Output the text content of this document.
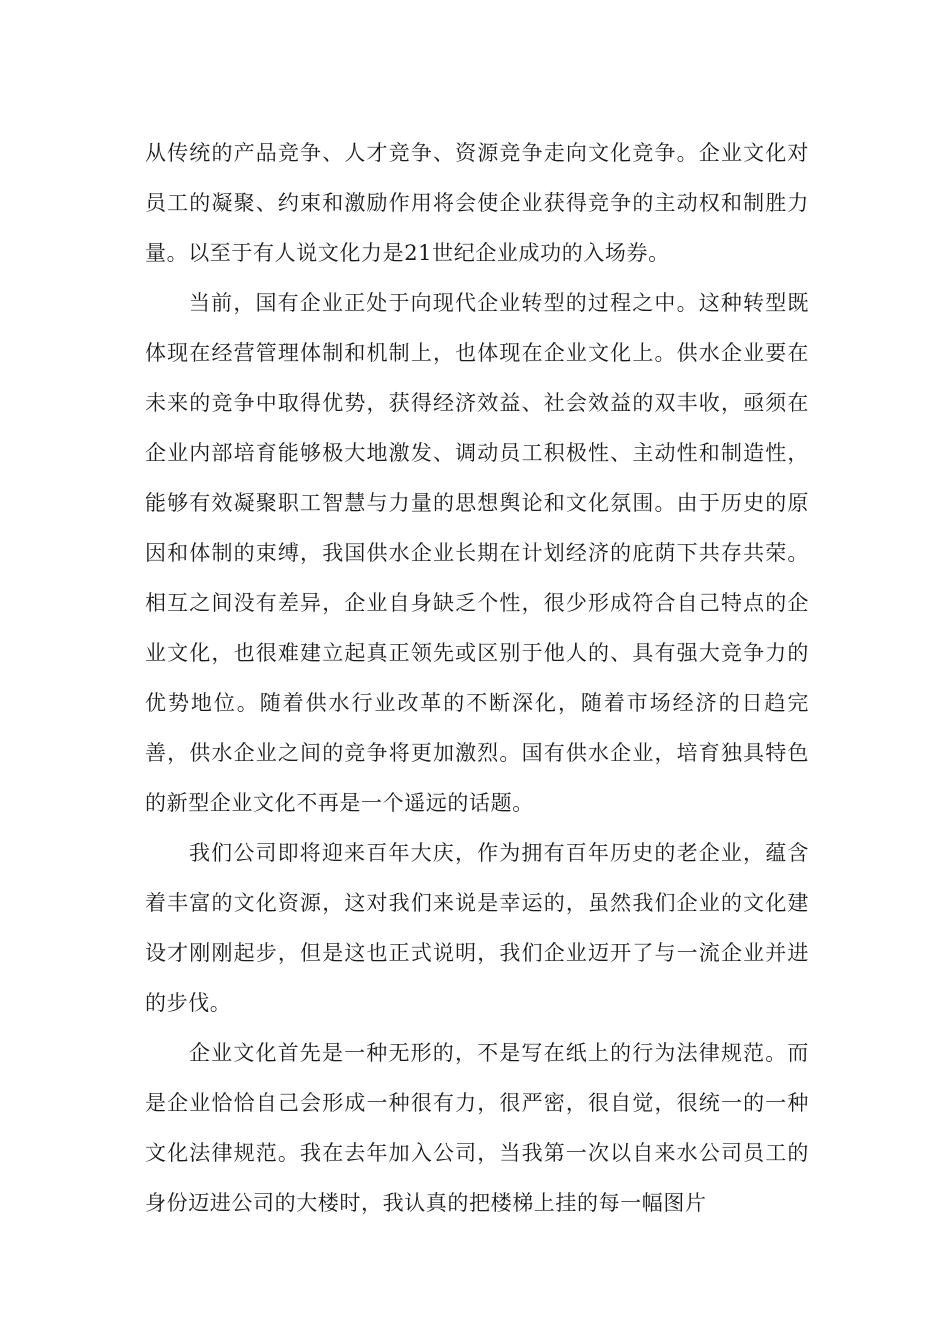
从传统的产品竞争、人才竞争、资源竞争走向文化竞争。企业文化对员工的凝聚、约束和激励作用将会使企业获得竞争的主动权和制胜力量。以至于有人说文化力是21世纪企业成功的入场券。

当前，国有企业正处于向现代企业转型的过程之中。这种转型既体现在经营管理体制和机制上，也体现在企业文化上。供水企业要在未来的竞争中取得优势，获得经济效益、社会效益的双丰收，亟须在企业内部培育能够极大地激发、调动员工积极性、主动性和制造性，能够有效凝聚职工智慧与力量的思想舆论和文化氛围。由于历史的原因和体制的束缚，我国供水企业长期在计划经济的庇荫下共存共荣。相互之间没有差异，企业自身缺乏个性，很少形成符合自己特点的企业文化，也很难建立起真正领先或区别于他人的、具有强大竞争力的优势地位。随着供水行业改革的不断深化，随着市场经济的日趋完善，供水企业之间的竞争将更加激烈。国有供水企业，培育独具特色的新型企业文化不再是一个遥远的话题。

我们公司即将迎来百年大庆，作为拥有百年历史的老企业，蕴含着丰富的文化资源，这对我们来说是幸运的，虽然我们企业的文化建设才刚刚起步，但是这也正式说明，我们企业迈开了与一流企业并进的步伐。

企业文化首先是一种无形的，不是写在纸上的行为法律规范。而是企业恰恰自己会形成一种很有力，很严密，很自觉，很统一的一种文化法律规范。我在去年加入公司，当我第一次以自来水公司员工的身份迈进公司的大楼时，我认真的把楼梯上挂的每一幅图片
